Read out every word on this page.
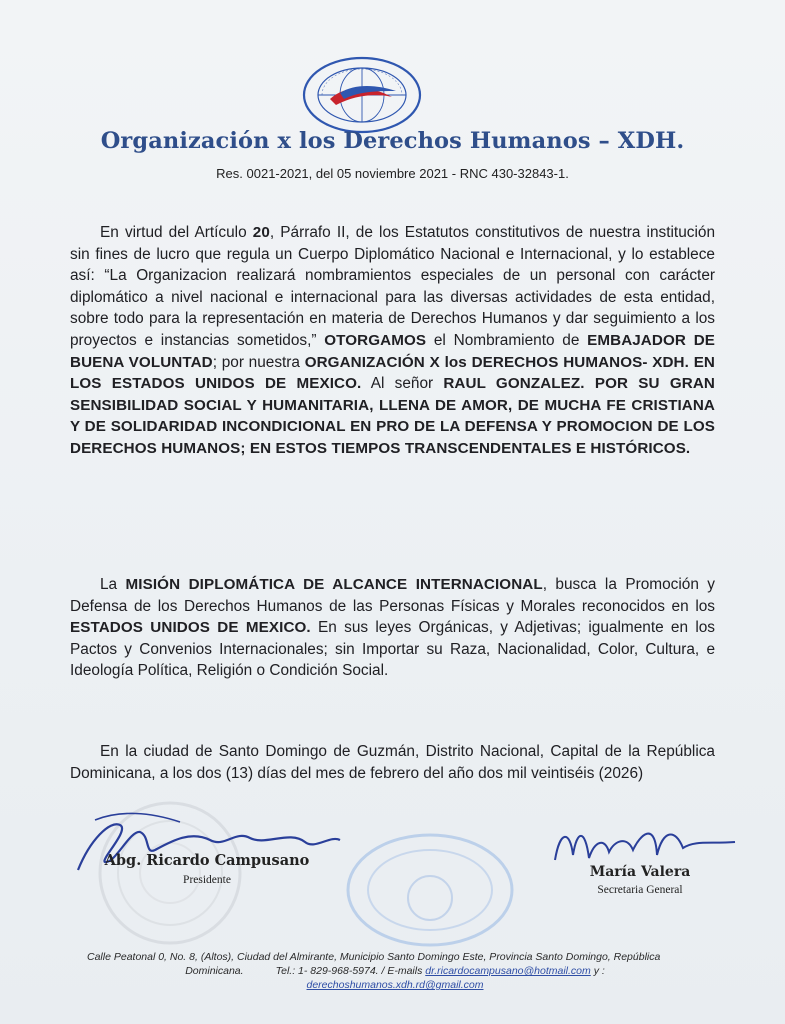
Organización x los Derechos Humanos – XDH.
Res. 0021-2021, del 05 noviembre 2021 - RNC 430-32843-1.
En virtud del Artículo 20, Párrafo II, de los Estatutos constitutivos de nuestra institución sin fines de lucro que regula un Cuerpo Diplomático Nacional e Internacional, y lo establece así: “La Organizacion realizará nombramientos especiales de un personal con carácter diplomático a nivel nacional e internacional para las diversas actividades de esta entidad, sobre todo para la representación en materia de Derechos Humanos y dar seguimiento a los proyectos e instancias sometidos,” OTORGAMOS el Nombramiento de EMBAJADOR DE BUENA VOLUNTAD; por nuestra ORGANIZACIÓN X los DERECHOS HUMANOS- XDH. EN LOS ESTADOS UNIDOS DE MEXICO. Al señor RAUL GONZALEZ. POR SU GRAN SENSIBILIDAD SOCIAL Y HUMANITARIA, LLENA DE AMOR, DE MUCHA FE CRISTIANA Y DE SOLIDARIDAD INCONDICIONAL EN PRO DE LA DEFENSA Y PROMOCION DE LOS DERECHOS HUMANOS; EN ESTOS TIEMPOS TRANSCENDENTALES E HISTÓRICOS.
La MISIÓN DIPLOMÁTICA DE ALCANCE INTERNACIONAL, busca la Promoción y Defensa de los Derechos Humanos de las Personas Físicas y Morales reconocidos en los ESTADOS UNIDOS DE MEXICO. En sus leyes Orgánicas, y Adjetivas; igualmente en los Pactos y Convenios Internacionales; sin Importar su Raza, Nacionalidad, Color, Cultura, e Ideología Política, Religión o Condición Social.
En la ciudad de Santo Domingo de Guzmán, Distrito Nacional, Capital de la República Dominicana, a los dos (13) días del mes de febrero del año dos mil veintiséis (2026)
Abg. Ricardo Campusano
Presidente	María Valera
Secretaria General
Calle Peatonal 0, No. 8, (Altos), Ciudad del Almirante, Municipio Santo Domingo Este, Provincia Santo Domingo, República
Dominicana.	Tel.: 1- 829-968-5974. / E-mails dr.ricardocampusano@hotmail.com y :
derechoshumanos.xdh.rd@gmail.com
